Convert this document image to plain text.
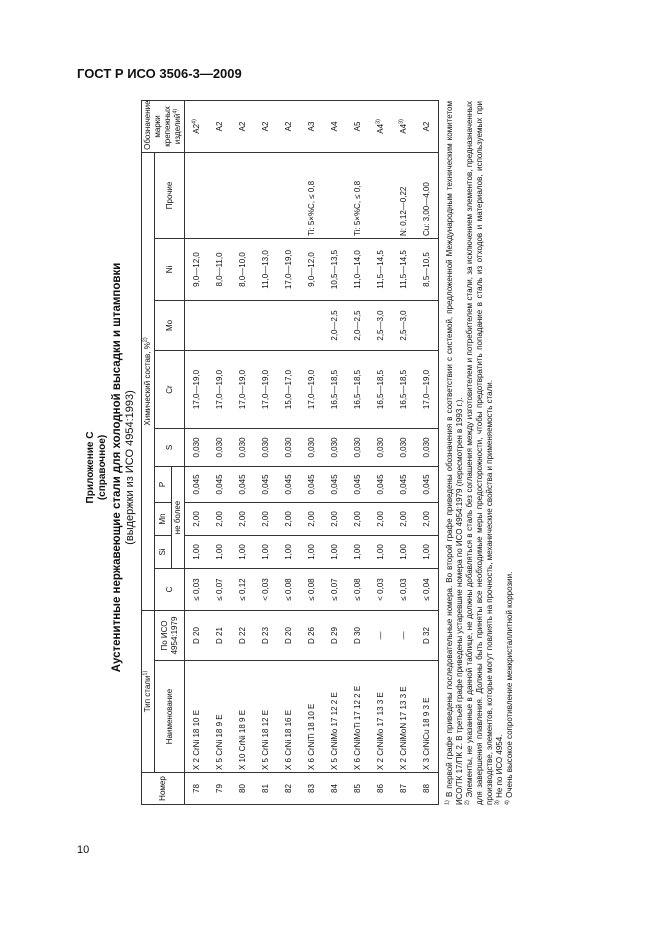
ГОСТ Р ИСО 3506-3—2009
10
Приложение С (справочное) Аустенитные нержавеющие стали для холодной высадки и штамповки (выдержки из ИСО 4954:1993)
Номер	Тип стали$^{1)}$		Химический состав, %$^{2)}$									Обозначение марки крепежных изделий$^{4)}$
	Наименование	По ИСО 4954:1979	C	Si	Mn	P	S	Cr	Mo	Ni	Прочие	
				не более								
78	X 2 CrNi 18 10 E	D 20	≤ 0,03	1,00	2,00	0,045	0,030	17,0—19,0		9,0—12,0		A2$^{4)}$
79	X 5 CrNi 18 9 E	D 21	≤ 0,07	1,00	2,00	0,045	0,030	17,0—19,0		8,0—11,0		A2
80	X 10 CrNi 18 9 E	D 22	≤ 0,12	1,00	2,00	0,045	0,030	17,0—19,0		8,0—10,0		A2
81	X 5 CrNi 18 12 E	D 23	< 0,03	1,00	2,00	0,045	0,030	17,0—19,0		11,0—13,0		A2
82	X 6 CrNi 18 16 E	D 20	≤ 0,08	1,00	2,00	0,045	0,030	15,0—17,0		17,0—19,0		A2
83	X 6 CrNiTi 18 10 E	D 26	≤ 0,08	1,00	2,00	0,045	0,030	17,0—19,0		9,0—12,0	Ti: 5×%C, ≤ 0,8	A3
84	X 5 CrNiMo 17 12 2 E	D 29	≤ 0,07	1,00	2,00	0,045	0,030	16,5—18,5	2,0—2,5	10,5—13,5		A4
85	X 6 CrNiMoTi 17 12 2 E	D 30	≤ 0,08	1,00	2,00	0,045	0,030	16,5—18,5	2,0—2,5	11,0—14,0	Ti: 5×%C, ≤ 0,8	A5
86	X 2 CrNiMo 17 13 3 E	—	< 0,03	1,00	2,00	0,045	0,030	16,5—18,5	2,5—3,0	11,5—14,5		A4$^{3)}$
87	X 2 CrNiMoN 17 13 3 E	—	≤ 0,03	1,00	2,00	0,045	0,030	16,5—18,5	2,5—3,0	11,5—14,5	N: 0,12—0,22	A4$^{3)}$
88	X 3 CrNiCu 18 9 3 E	D 32	≤ 0,04	1,00	2,00	0,045	0,030	17,0—19,0		8,5—10,5	Cu: 3,00—4,00	A2

$^{1)}$ В первой графе приведены последовательные номера. Во второй графе приведены обозначения в соответствии с системой, предложенной Международным техническим комитетом ИСО/ТК 17/ПК 2. В третьей графе приведены устаревшие номера по ИСО 4954:1979 (пересмотрен в 1993 г.). $^{2)}$ Элементы, не указанные в данной таблице, не должны добавляться в сталь без соглашения между изготовителем и потребителем стали, за исключением элементов, предназначенных для завершения плавления. Должны быть приняты все необходимые меры предосторожности, чтобы предотвратить попадание в сталь из отходов и материалов, используемых при производстве, элементов, которые могут повлиять на прочность, механические свойства и применяемость стали. $^{3)}$ Не по ИСО 4954.

$^{4)}$ Очень высокое сопротивление межкристаллитной коррозии.
